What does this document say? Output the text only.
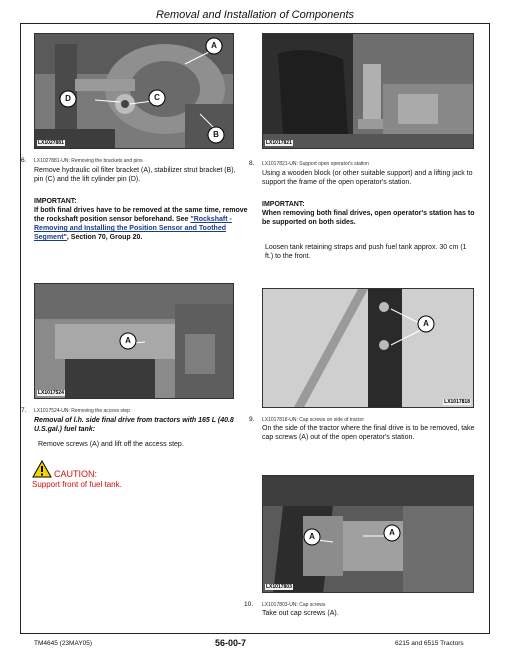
Removal and Installation of Components
A
B
C
D
LX1027881	LX1017821
6. LX1027881-UN: Removing the brackets and pins
Remove hydraulic oil filter bracket (A), stabilizer strut bracket (B), pin (C) and the lift cylinder pin (D).
IMPORTANT:
If both final drives have to be removed at the same time, remove the rockshaft position sensor beforehand. See "Rockshaft - Removing and Installing the Position Sensor and Toothed Segment", Section 70, Group 20.
8. LX1017821-UN: Support open operator's station
Using a wooden block (or other suitable support) and a lifting jack to support the frame of the open operator's station.
IMPORTANT:
When removing both final drives, open operator's station has to be supported on both sides.
Loosen tank retaining straps and push fuel tank approx. 30 cm (1 ft.) to the front.
A
LX1017524
A
LX1017818
7. LX1017524-UN: Removing the access step
Removal of l.h. side final drive from tractors with 165 L (40.8 U.S.gal.) fuel tank:
Remove screws (A) and lift off the access step.
CAUTION:
Support front of fuel tank.
9. LX1017818-UN: Cap screws on side of tractor
On the side of the tractor where the final drive is to be removed, take cap screws (A) out of the open operator's station.
A
A
LX1017803
10. LX1017803-UN: Cap screws
Take out cap screws (A).
TM4645 (23MAY05)	56-00-7	6215 and 6515 Tractors
